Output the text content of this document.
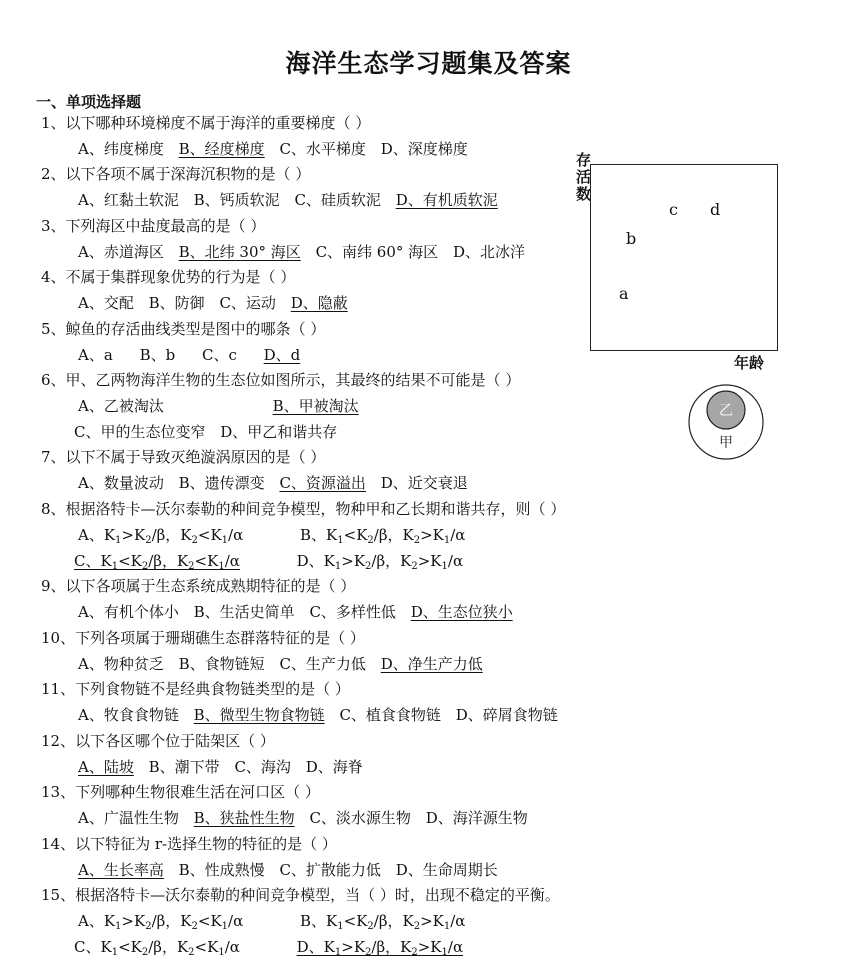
海洋生态学习题集及答案
一、单项选择题
1、以下哪种环境梯度不属于海洋的重要梯度（ ）
A、纬度梯度 B、经度梯度 C、水平梯度 D、深度梯度
2、以下各项不属于深海沉积物的是（ ）
A、红黏土软泥 B、钙质软泥 C、硅质软泥 D、有机质软泥
3、下列海区中盐度最高的是（ ）
A、赤道海区 B、北纬 30° 海区 C、南纬 60° 海区 D、北冰洋
4、不属于集群现象优势的行为是（ ）
A、交配 B、防御 C、运动 D、隐蔽
5、鲸鱼的存活曲线类型是图中的哪条（ ）
A、a B、b C、c D、d
6、甲、乙两物海洋生物的生态位如图所示，其最终的结果不可能是（ ）
A、乙被淘汰	B、甲被淘汰
C、甲的生态位变窄 D、甲乙和谐共存
7、以下不属于导致灭绝漩涡原因的是（ ）
A、数量波动 B、遗传漂变 C、资源溢出 D、近交衰退
8、根据洛特卡—沃尔泰勒的种间竞争模型，物种甲和乙长期和谐共存，则（ ）
A、$K_1>K_2/\beta$，$K_2<K_1/\alpha$	B、$K_1<K_2/\beta$，$K_2>K_1/\alpha$
C、$K_1<K_2/\beta$，$K_2<K_1/\alpha$	D、$K_1>K_2/\beta$，$K_2>K_1/\alpha$
9、以下各项属于生态系统成熟期特征的是（ ）
A、有机个体小 B、生活史简单 C、多样性低 D、生态位狭小
10、下列各项属于珊瑚礁生态群落特征的是（ ）
A、物种贫乏 B、食物链短 C、生产力低 D、净生产力低
11、下列食物链不是经典食物链类型的是（ ）
A、牧食食物链 B、微型生物食物链 C、植食食物链 D、碎屑食物链
12、以下各区哪个位于陆架区（ ）
A、陆坡 B、潮下带 C、海沟 D、海脊
13、下列哪种生物很难生活在河口区（ ）
A、广温性生物 B、狭盐性生物 C、淡水源生物 D、海洋源生物
14、以下特征为 r-选择生物的特征的是（ ）
A、生长率高 B、性成熟慢 C、扩散能力低 D、生命周期长
15、根据洛特卡—沃尔泰勒的种间竞争模型，当（ ）时，出现不稳定的平衡。
A、$K_1>K_2/\beta$，$K_2<K_1/\alpha$	B、$K_1<K_2/\beta$，$K_2>K_1/\alpha$
C、$K_1<K_2/\beta$，$K_2<K_1/\alpha$	D、$K_1>K_2/\beta$，$K_2>K_1/\alpha$
存活数
c d
b
a
年龄
乙
甲
